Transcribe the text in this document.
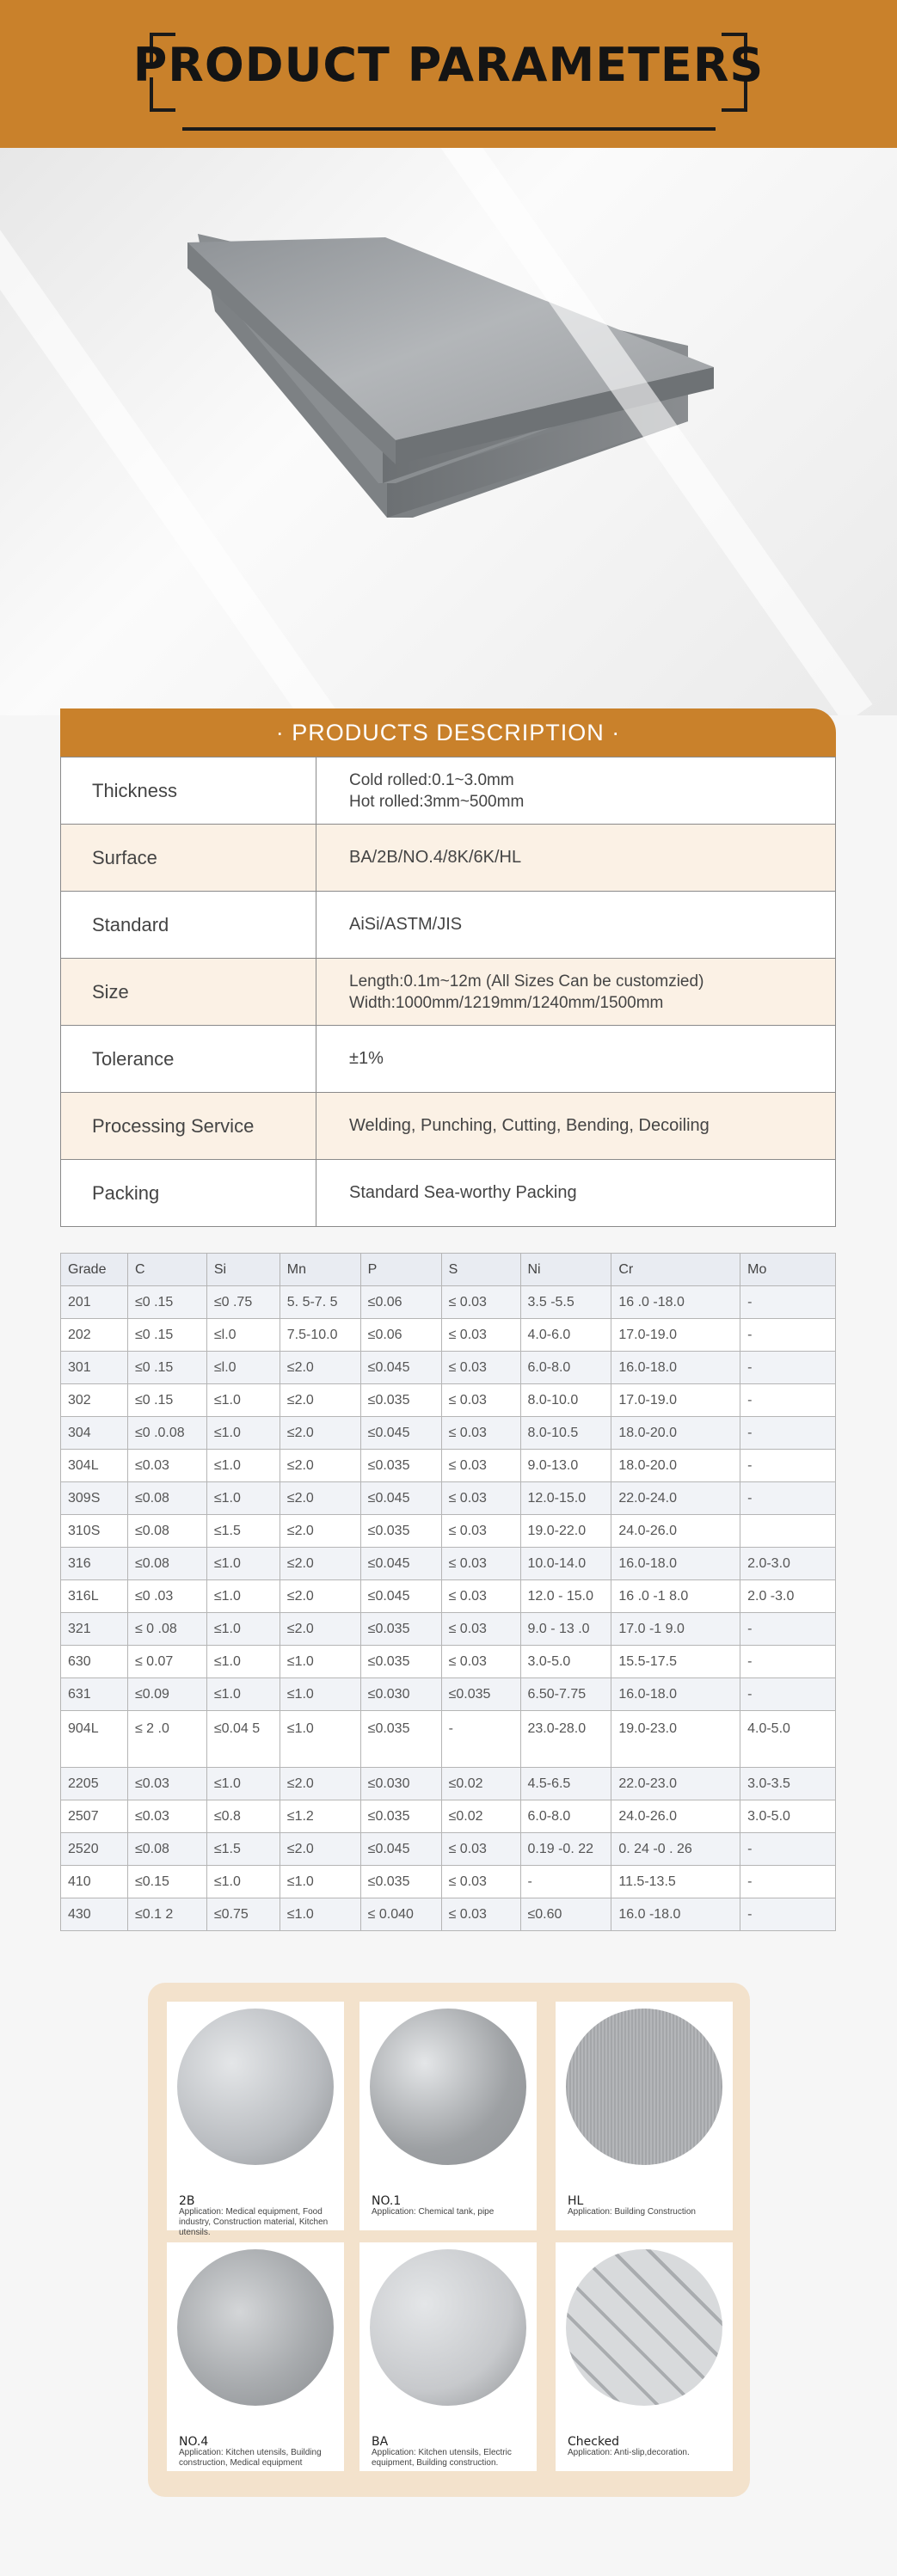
PRODUCT PARAMETERS
· PRODUCTS DESCRIPTION ·
Thickness	Cold rolled:0.1~3.0mm
Hot rolled:3mm~500mm

Surface	BA/2B/NO.4/8K/6K/HL
Standard	AiSi/ASTM/JIS
Size	Length:0.1m~12m (All Sizes Can be customzied)
Width:1000mm/1219mm/1240mm/1500mm

Tolerance	±1%
Processing Service	Welding, Punching, Cutting, Bending, Decoiling
Packing	Standard Sea-worthy Packing
Grade	C	Si	Mn	P	S	Ni	Cr	Mo
201	≤0 .15	≤0 .75	5. 5-7. 5	≤0.06	≤ 0.03	3.5 -5.5	16 .0 -18.0	-
202	≤0 .15	≤l.0	7.5-10.0	≤0.06	≤ 0.03	4.0-6.0	17.0-19.0	-
301	≤0 .15	≤l.0	≤2.0	≤0.045	≤ 0.03	6.0-8.0	16.0-18.0	-
302	≤0 .15	≤1.0	≤2.0	≤0.035	≤ 0.03	8.0-10.0	17.0-19.0	-
304	≤0 .0.08	≤1.0	≤2.0	≤0.045	≤ 0.03	8.0-10.5	18.0-20.0	-
304L	≤0.03	≤1.0	≤2.0	≤0.035	≤ 0.03	9.0-13.0	18.0-20.0	-
309S	≤0.08	≤1.0	≤2.0	≤0.045	≤ 0.03	12.0-15.0	22.0-24.0	-
310S	≤0.08	≤1.5	≤2.0	≤0.035	≤ 0.03	19.0-22.0	24.0-26.0	
316	≤0.08	≤1.0	≤2.0	≤0.045	≤ 0.03	10.0-14.0	16.0-18.0	2.0-3.0
316L	≤0 .03	≤1.0	≤2.0	≤0.045	≤ 0.03	12.0 - 15.0	16 .0 -1 8.0	2.0 -3.0
321	≤ 0 .08	≤1.0	≤2.0	≤0.035	≤ 0.03	9.0 - 13 .0	17.0 -1 9.0	-
630	≤ 0.07	≤1.0	≤1.0	≤0.035	≤ 0.03	3.0-5.0	15.5-17.5	-
631	≤0.09	≤1.0	≤1.0	≤0.030	≤0.035	6.50-7.75	16.0-18.0	-
904L	≤ 2 .0	≤0.04 5	≤1.0	≤0.035	-	23.0-28.0	19.0-23.0	4.0-5.0
2205	≤0.03	≤1.0	≤2.0	≤0.030	≤0.02	4.5-6.5	22.0-23.0	3.0-3.5
2507	≤0.03	≤0.8	≤1.2	≤0.035	≤0.02	6.0-8.0	24.0-26.0	3.0-5.0
2520	≤0.08	≤1.5	≤2.0	≤0.045	≤ 0.03	0.19 -0. 22	0. 24 -0 . 26	-
410	≤0.15	≤1.0	≤1.0	≤0.035	≤ 0.03	-	11.5-13.5	-
430	≤0.1 2	≤0.75	≤1.0	≤ 0.040	≤ 0.03	≤0.60	16.0 -18.0	-
2B
Application: Medical equipment, Food industry, Construction material, Kitchen utensils.
NO.1
Application: Chemical tank, pipe
HL
Application: Building Construction
NO.4
Application: Kitchen utensils, Building construction, Medical equipment
BA
Application: Kitchen utensils, Electric equipment, Building construction.
Checked
Application: Anti-slip,decoration.
